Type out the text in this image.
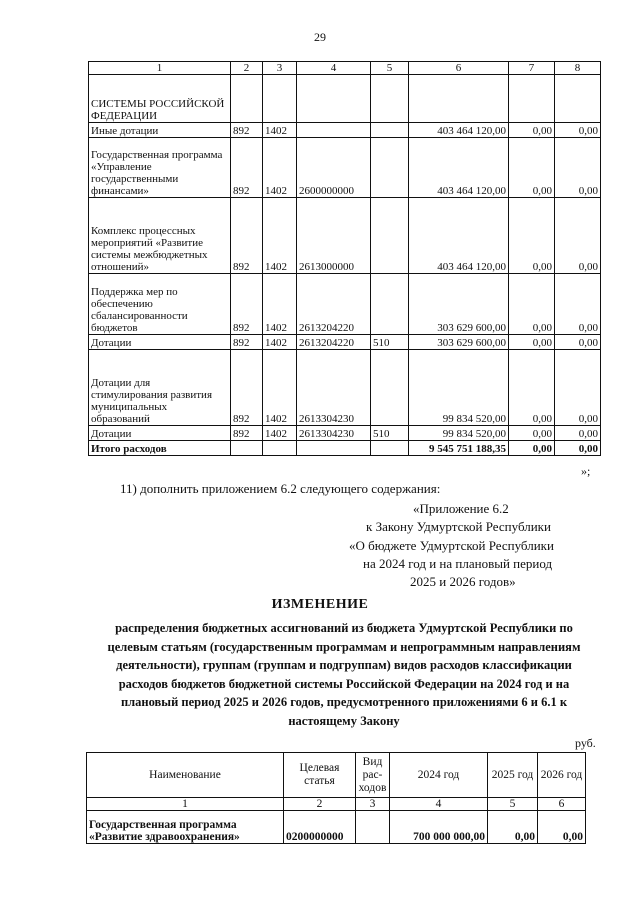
29
1	2	3	4	5	6	7	8
СИСТЕМЫ РОССИЙСКОЙ ФЕДЕРАЦИИ							
Иные дотации	892	1402			403 464 120,00	0,00	0,00
Государственная программа «Управление государственными финансами»	892	1402	2600000000		403 464 120,00	0,00	0,00
Комплекс процессных мероприятий «Развитие системы межбюджетных отношений»	892	1402	2613000000		403 464 120,00	0,00	0,00
Поддержка мер по обеспечению сбалансированности бюджетов	892	1402	2613204220		303 629 600,00	0,00	0,00
Дотации	892	1402	2613204220	510	303 629 600,00	0,00	0,00
Дотации для стимулирования развития муниципальных образований	892	1402	2613304230		99 834 520,00	0,00	0,00
Дотации	892	1402	2613304230	510	99 834 520,00	0,00	0,00
Итого расходов					9 545 751 188,35	0,00	0,00
»;
11) дополнить приложением 6.2 следующего содержания:
«Приложение 6.2
к Закону Удмуртской Республики
«О бюджете Удмуртской Республики
на 2024 год и на плановый период
2025 и 2026 годов»
ИЗМЕНЕНИЕ
распределения бюджетных ассигнований из бюджета Удмуртской Республики по целевым статьям (государственным программам и непрограммным направлениям деятельности), группам (группам и подгруппам) видов расходов классификации расходов бюджетов бюджетной системы Российской Федерации на 2024 год и на плановый период 2025 и 2026 годов, предусмотренного приложениями 6 и 6.1 к настоящему Закону
руб.
Наименование	Целевая статья	Вид рас-ходов	2024 год	2025 год	2026 год
1	2	3	4	5	6
Государственная программа «Развитие здравоохранения»	0200000000		700 000 000,00	0,00	0,00
